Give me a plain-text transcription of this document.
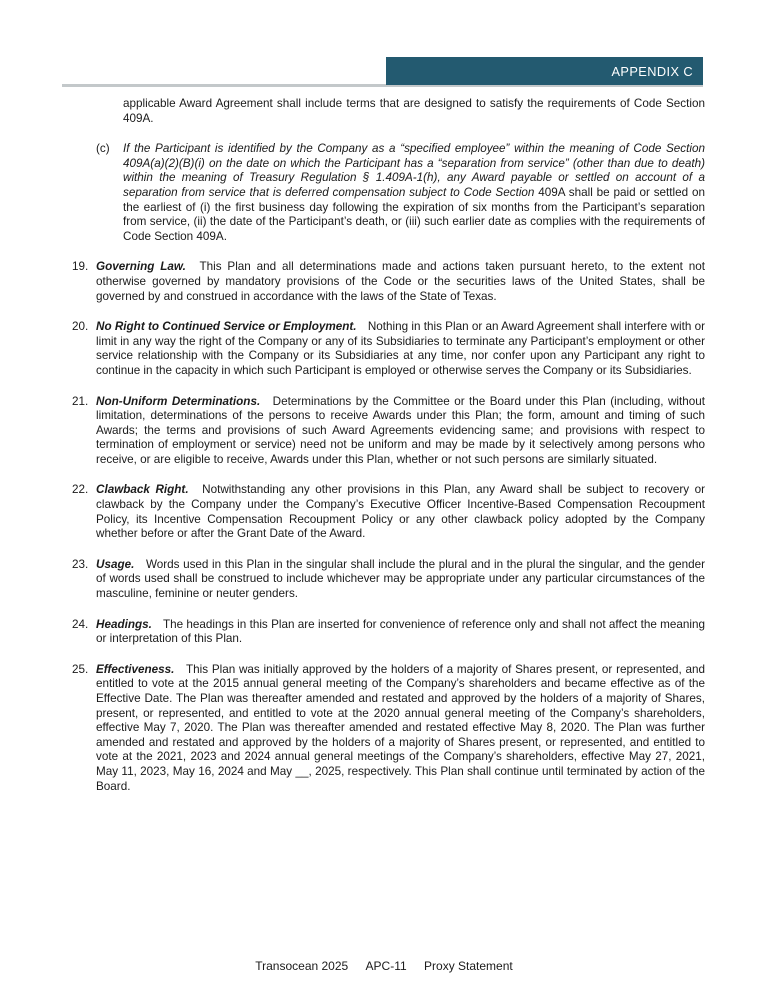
APPENDIX C

applicable Award Agreement shall include terms that are designed to satisfy the requirements of Code Section 409A.

(c)	If the Participant is identified by the Company as a “specified employee” within the meaning of Code Section 409A(a)(2)(B)(i) on the date on which the Participant has a “separation from service” (other than due to death) within the meaning of Treasury Regulation § 1.409A-1(h), any Award payable or settled on account of a separation from service that is deferred compensation subject to Code Section 409A shall be paid or settled on the earliest of (i) the first business day following the expiration of six months from the Participant’s separation from service, (ii) the date of the Participant’s death, or (iii) such earlier date as complies with the requirements of Code Section 409A.
19. Governing Law. This Plan and all determinations made and actions taken pursuant hereto, to the extent not otherwise governed by mandatory provisions of the Code or the securities laws of the United States, shall be governed by and construed in accordance with the laws of the State of Texas.
20. No Right to Continued Service or Employment. Nothing in this Plan or an Award Agreement shall interfere with or limit in any way the right of the Company or any of its Subsidiaries to terminate any Participant’s employment or other service relationship with the Company or its Subsidiaries at any time, nor confer upon any Participant any right to continue in the capacity in which such Participant is employed or otherwise serves the Company or its Subsidiaries.
21. Non-Uniform Determinations. Determinations by the Committee or the Board under this Plan (including, without limitation, determinations of the persons to receive Awards under this Plan; the form, amount and timing of such Awards; the terms and provisions of such Award Agreements evidencing same; and provisions with respect to termination of employment or service) need not be uniform and may be made by it selectively among persons who receive, or are eligible to receive, Awards under this Plan, whether or not such persons are similarly situated.
22. Clawback Right. Notwithstanding any other provisions in this Plan, any Award shall be subject to recovery or clawback by the Company under the Company’s Executive Officer Incentive-Based Compensation Recoupment Policy, its Incentive Compensation Recoupment Policy or any other clawback policy adopted by the Company whether before or after the Grant Date of the Award.
23. Usage. Words used in this Plan in the singular shall include the plural and in the plural the singular, and the gender of words used shall be construed to include whichever may be appropriate under any particular circumstances of the masculine, feminine or neuter genders.
24. Headings. The headings in this Plan are inserted for convenience of reference only and shall not affect the meaning or interpretation of this Plan.
25. Effectiveness. This Plan was initially approved by the holders of a majority of Shares present, or represented, and entitled to vote at the 2015 annual general meeting of the Company’s shareholders and became effective as of the Effective Date. The Plan was thereafter amended and restated and approved by the holders of a majority of Shares, present, or represented, and entitled to vote at the 2020 annual general meeting of the Company’s shareholders, effective May 7, 2020. The Plan was thereafter amended and restated effective May 8, 2020. The Plan was further amended and restated and approved by the holders of a majority of Shares present, or represented, and entitled to vote at the 2021, 2023 and 2024 annual general meetings of the Company’s shareholders, effective May 27, 2021, May 11, 2023, May 16, 2024 and May __, 2025, respectively. This Plan shall continue until terminated by action of the Board.
Transocean 2025 APC-11 Proxy Statement
